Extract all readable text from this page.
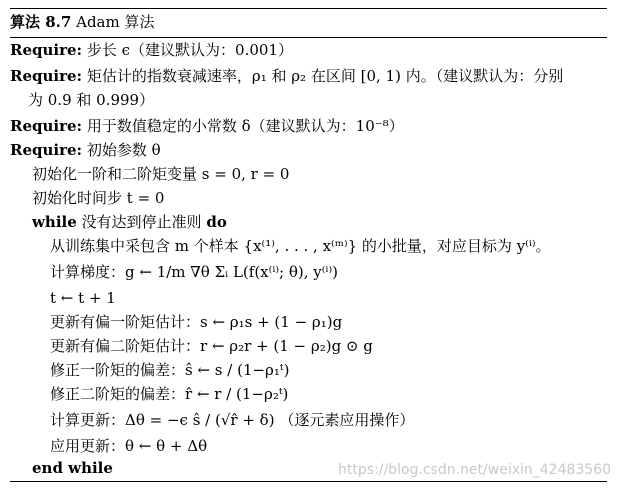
算法 8.7 Adam 算法
Require: 步长 ϵ（建议默认为：0.001）
Require: 矩估计的指数衰减速率，ρ₁ 和 ρ₂ 在区间 [0, 1) 内。（建议默认为：分别
为 0.9 和 0.999）
Require: 用于数值稳定的小常数 δ（建议默认为：10⁻⁸）
Require: 初始参数 θ
初始化一阶和二阶矩变量 s = 0, r = 0
初始化时间步 t = 0
while 没有达到停止准则 do
从训练集中采包含 m 个样本 {x⁽¹⁾, . . . , x⁽ᵐ⁾} 的小批量，对应目标为 y⁽ⁱ⁾。
计算梯度：g ← 1/m ∇θ Σᵢ L(f(x⁽ⁱ⁾; θ), y⁽ⁱ⁾)
t ← t + 1
更新有偏一阶矩估计：s ← ρ₁s + (1 − ρ₁)g
更新有偏二阶矩估计：r ← ρ₂r + (1 − ρ₂)g ⊙ g
修正一阶矩的偏差：ŝ ← s / (1−ρ₁ᵗ)
修正二阶矩的偏差：r̂ ← r / (1−ρ₂ᵗ)
计算更新：Δθ = −ϵ ŝ / (√r̂ + δ) （逐元素应用操作）
应用更新：θ ← θ + Δθ
end while	https://blog.csdn.net/weixin_42483560
